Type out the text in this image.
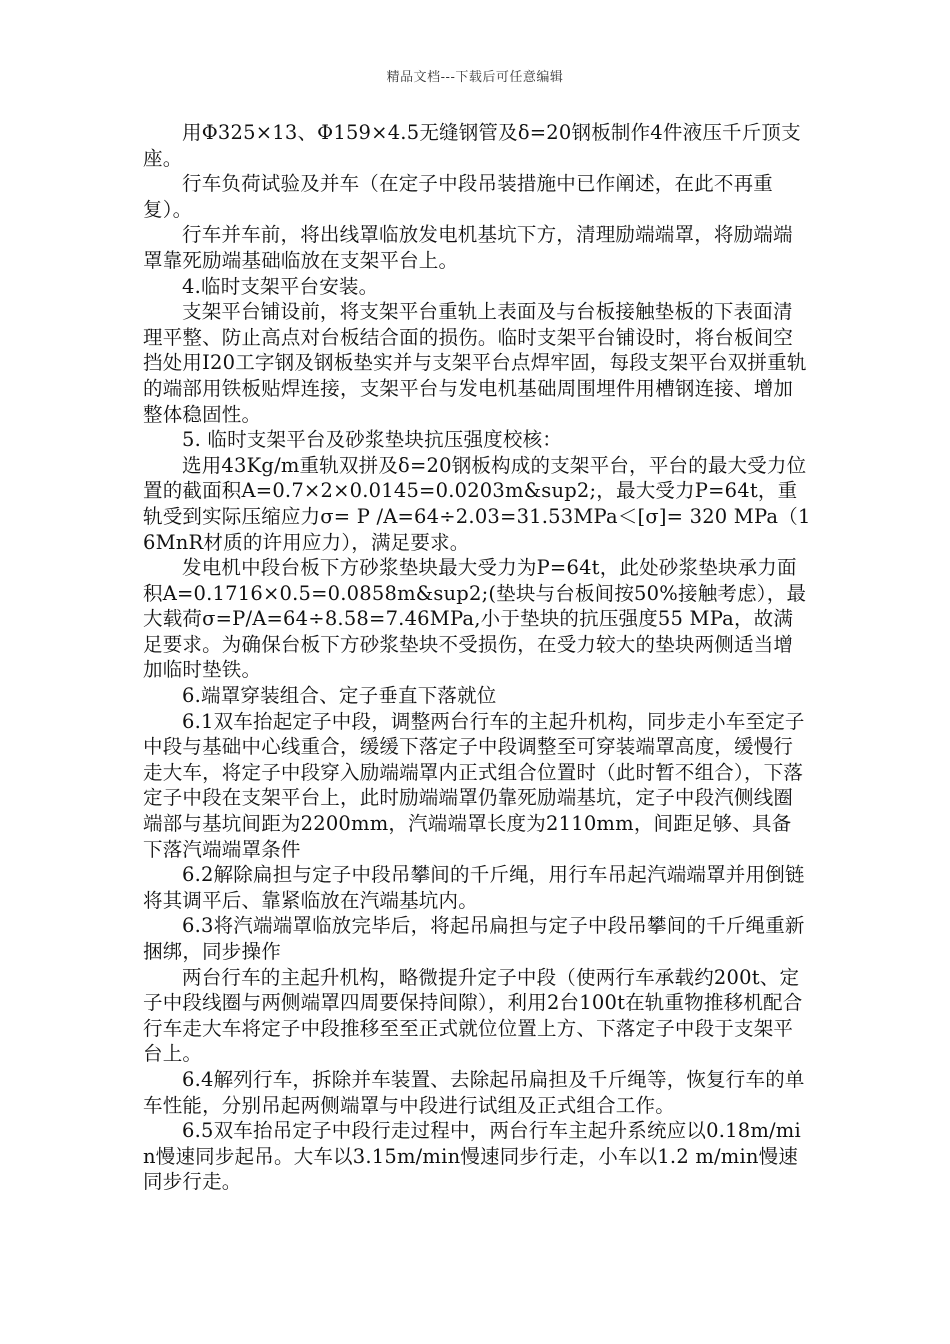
精品文档---下载后可任意编辑

用Φ325×13、Φ159×4.5无缝钢管及δ=20钢板制作4件液压千斤顶支座。

行车负荷试验及并车（在定子中段吊装措施中已作阐述，在此不再重复）。

行车并车前，将出线罩临放发电机基坑下方，清理励端端罩，将励端端罩靠死励端基础临放在支架平台上。

4.临时支架平台安装。

支架平台铺设前，将支架平台重轨上表面及与台板接触垫板的下表面清理平整、防止高点对台板结合面的损伤。临时支架平台铺设时，将台板间空挡处用I20工字钢及钢板垫实并与支架平台点焊牢固，每段支架平台双拼重轨的端部用铁板贴焊连接，支架平台与发电机基础周围埋件用槽钢连接、增加整体稳固性。

5. 临时支架平台及砂浆垫块抗压强度校核：

选用43Kg/m重轨双拼及δ=20钢板构成的支架平台，平台的最大受力位置的截面积A=0.7×2×0.0145=0.0203m&sup2;，最大受力P=64t，重轨受到实际压缩应力σ= P /A=64÷2.03=31.53MPa＜[σ]= 320 MPa（16MnR材质的许用应力），满足要求。

发电机中段台板下方砂浆垫块最大受力为P=64t，此处砂浆垫块承力面积A=0.1716×0.5=0.0858m&sup2;(垫块与台板间按50%接触考虑），最大载荷σ=P/A=64÷8.58=7.46MPa,小于垫块的抗压强度55 MPa，故满足要求。为确保台板下方砂浆垫块不受损伤，在受力较大的垫块两侧适当增加临时垫铁。

6.端罩穿装组合、定子垂直下落就位

6.1双车抬起定子中段，调整两台行车的主起升机构，同步走小车至定子中段与基础中心线重合，缓缓下落定子中段调整至可穿装端罩高度，缓慢行走大车，将定子中段穿入励端端罩内正式组合位置时（此时暂不组合），下落定子中段在支架平台上，此时励端端罩仍靠死励端基坑，定子中段汽侧线圈端部与基坑间距为2200mm，汽端端罩长度为2110mm，间距足够、具备下落汽端端罩条件

6.2解除扁担与定子中段吊攀间的千斤绳，用行车吊起汽端端罩并用倒链将其调平后、靠紧临放在汽端基坑内。

6.3将汽端端罩临放完毕后，将起吊扁担与定子中段吊攀间的千斤绳重新捆绑，同步操作

两台行车的主起升机构，略微提升定子中段（使两行车承载约200t、定子中段线圈与两侧端罩四周要保持间隙），利用2台100t在轨重物推移机配合行车走大车将定子中段推移至至正式就位位置上方、下落定子中段于支架平台上。

6.4解列行车，拆除并车装置、去除起吊扁担及千斤绳等，恢复行车的单车性能，分别吊起两侧端罩与中段进行试组及正式组合工作。

6.5双车抬吊定子中段行走过程中，两台行车主起升系统应以0.18m/min慢速同步起吊。大车以3.15m/min慢速同步行走，小车以1.2 m/min慢速同步行走。
